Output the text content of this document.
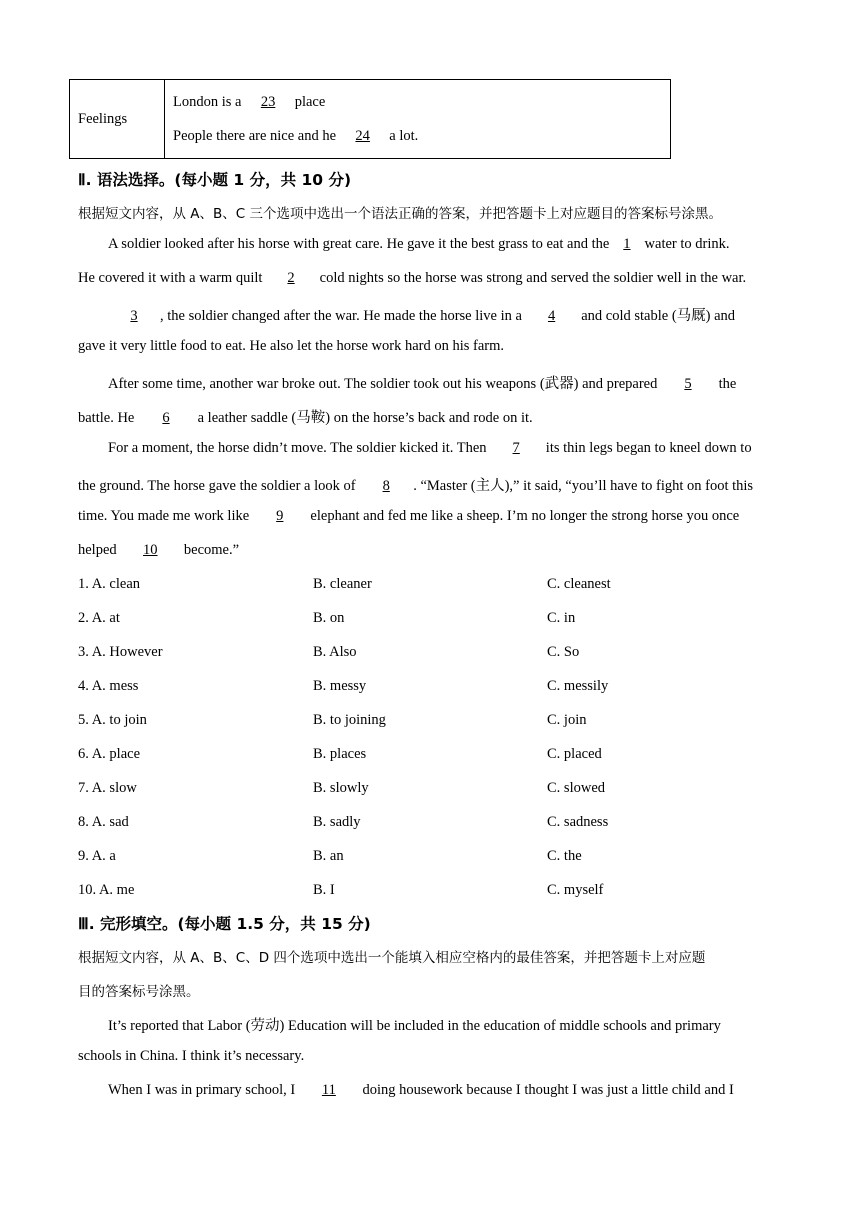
Feelings	
London is a 23 place
People there are nice and he 24 a lot.
Ⅱ. 语法选择。(每小题 1 分，共 10 分)
根据短文内容，从 A、B、C 三个选项中选出一个语法正确的答案，并把答题卡上对应题目的答案标号涂黑。
A soldier looked after his horse with great care. He gave it the best grass to eat and the 1 water to drink.
He covered it with a warm quilt 2 cold nights so the horse was strong and served the soldier well in the war.
3 , the soldier changed after the war. He made the horse live in a 4 and cold stable (马厩) and
gave it very little food to eat. He also let the horse work hard on his farm.
After some time, another war broke out. The soldier took out his weapons (武器) and prepared 5 the
battle. He 6 a leather saddle (马鞍) on the horse’s back and rode on it.
For a moment, the horse didn’t move. The soldier kicked it. Then 7 its thin legs began to kneel down to
the ground. The horse gave the soldier a look of 8 . “Master (主人),” it said, “you’ll have to fight on foot this
time. You made me work like 9 elephant and fed me like a sheep. I’m no longer the strong horse you once
helped 10 become.”
1. A. clean	B. cleaner	C. cleanest
2. A. at	B. on	C. in
3. A. However	B. Also	C. So
4. A. mess	B. messy	C. messily
5. A. to join	B. to joining	C. join
6. A. place	B. places	C. placed
7. A. slow	B. slowly	C. slowed
8. A. sad	B. sadly	C. sadness
9. A. a	B. an	C. the
10. A. me	B. I	C. myself
Ⅲ. 完形填空。(每小题 1.5 分，共 15 分)
根据短文内容，从 A、B、C、D 四个选项中选出一个能填入相应空格内的最佳答案，并把答题卡上对应题
目的答案标号涂黑。
It’s reported that Labor (劳动) Education will be included in the education of middle schools and primary
schools in China. I think it’s necessary.
When I was in primary school, I 11 doing housework because I thought I was just a little child and I
